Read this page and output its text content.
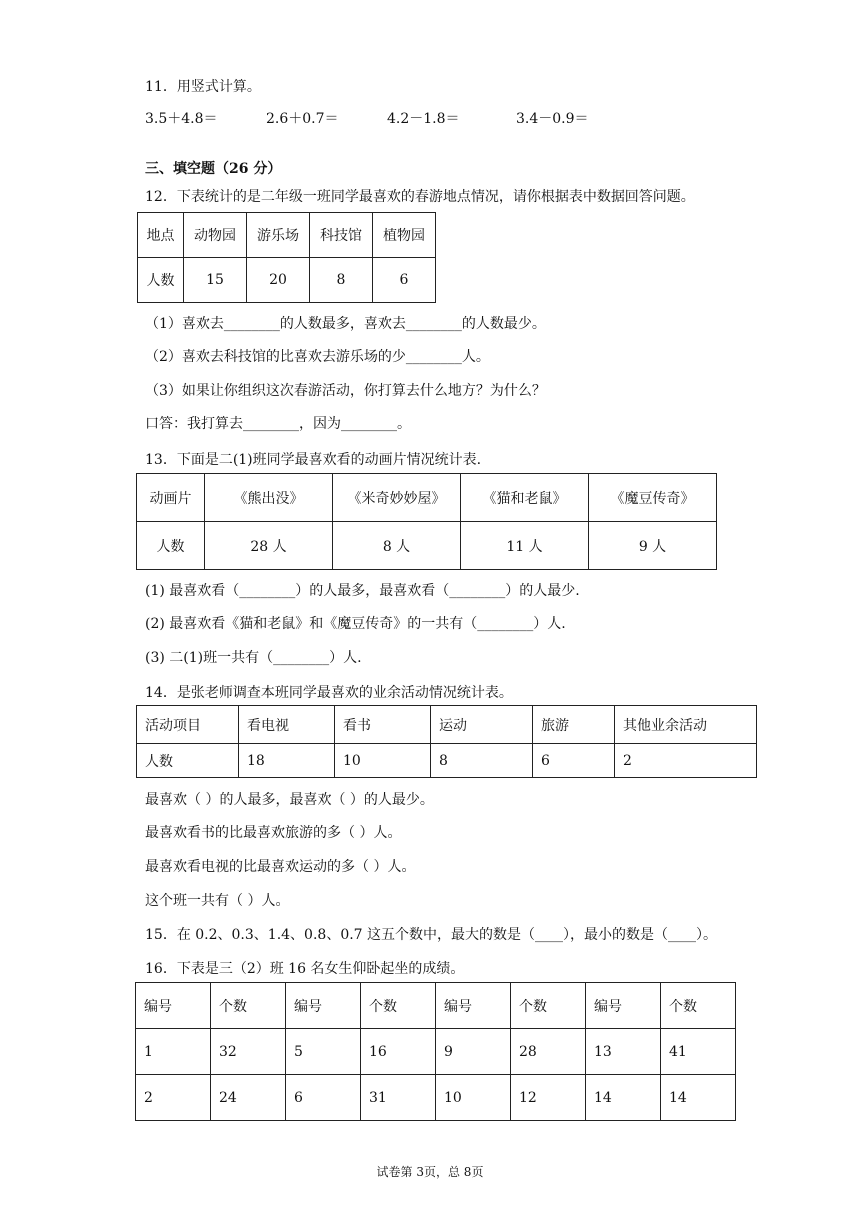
11．用竖式计算。
3.5＋4.8＝	2.6＋0.7＝	4.2－1.8＝	3.4－0.9＝
三、填空题（26 分）
12．下表统计的是二年级一班同学最喜欢的春游地点情况，请你根据表中数据回答问题。
地点	动物园	游乐场	科技馆	植物园
人数	15	20	8	6
（1）喜欢去________的人数最多，喜欢去________的人数最少。
（2）喜欢去科技馆的比喜欢去游乐场的少________人。
（3）如果让你组织这次春游活动，你打算去什么地方？为什么？
口答：我打算去________，因为________。
13．下面是二(1)班同学最喜欢看的动画片情况统计表.
动画片	《熊出没》	《米奇妙妙屋》	《猫和老鼠》	《魔豆传奇》
人数	28 人	8 人	11 人	9 人
(1) 最喜欢看（________）的人最多，最喜欢看（________）的人最少.
(2) 最喜欢看《猫和老鼠》和《魔豆传奇》的一共有（________）人.
(3) 二(1)班一共有（________）人.
14．是张老师调查本班同学最喜欢的业余活动情况统计表。
活动项目	看电视	看书	运动	旅游	其他业余活动
人数	18	10	8	6	2
最喜欢（ ）的人最多，最喜欢（ ）的人最少。
最喜欢看书的比最喜欢旅游的多（ ）人。
最喜欢看电视的比最喜欢运动的多（ ）人。
这个班一共有（ ）人。
15．在 0.2、0.3、1.4、0.8、0.7 这五个数中，最大的数是（____），最小的数是（____）。
16．下表是三（2）班 16 名女生仰卧起坐的成绩。
编号	个数	编号	个数	编号	个数	编号	个数
1	32	5	16	9	28	13	41
2	24	6	31	10	12	14	14
试卷第 3页，总 8页
